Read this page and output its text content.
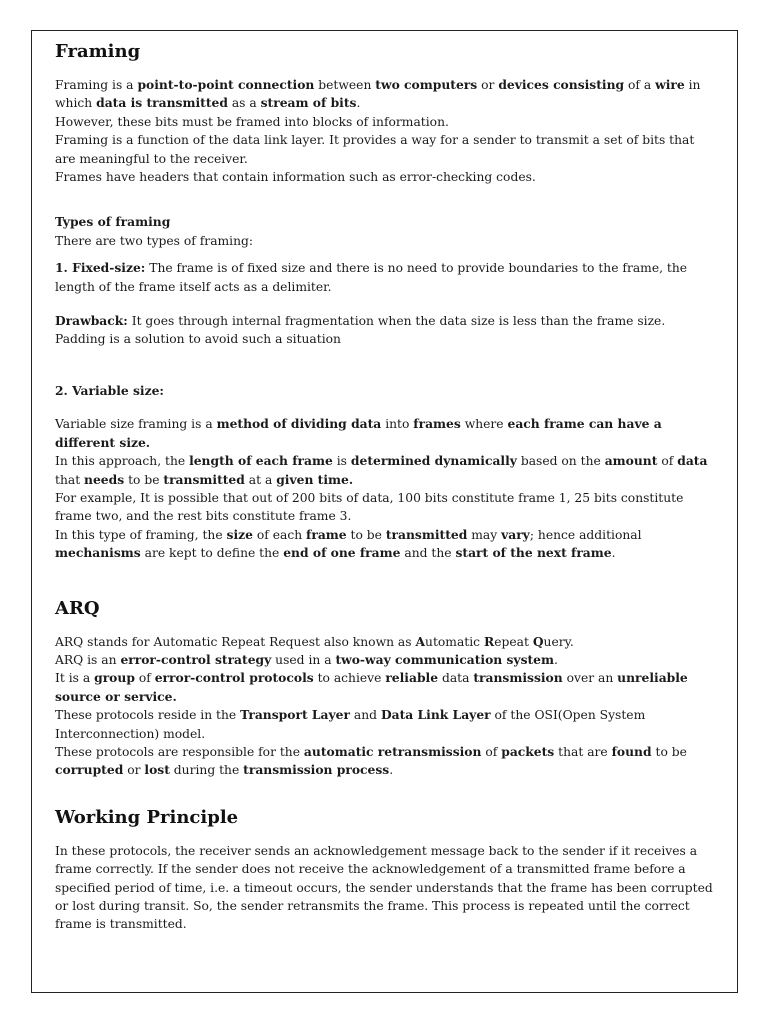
Framing

Framing is a point-to-point connection between two computers or devices consisting of a wire in which data is transmitted as a stream of bits.

However, these bits must be framed into blocks of information.

Framing is a function of the data link layer. It provides a way for a sender to transmit a set of bits that are meaningful to the receiver.

Frames have headers that contain information such as error-checking codes.

Types of framing

There are two types of framing:

1. Fixed-size: The frame is of fixed size and there is no need to provide boundaries to the frame, the length of the frame itself acts as a delimiter.

Drawback: It goes through internal fragmentation when the data size is less than the frame size. Padding is a solution to avoid such a situation

2. Variable size:

Variable size framing is a method of dividing data into frames where each frame can have a different size.

In this approach, the length of each frame is determined dynamically based on the amount of data that needs to be transmitted at a given time.

For example, It is possible that out of 200 bits of data, 100 bits constitute frame 1, 25 bits constitute frame two, and the rest bits constitute frame 3.

In this type of framing, the size of each frame to be transmitted may vary; hence additional mechanisms are kept to define the end of one frame and the start of the next frame.

ARQ

ARQ stands for Automatic Repeat Request also known as Automatic Repeat Query.

ARQ is an error-control strategy used in a two-way communication system.

It is a group of error-control protocols to achieve reliable data transmission over an unreliable source or service.

These protocols reside in the Transport Layer and Data Link Layer of the OSI(Open System Interconnection) model.

These protocols are responsible for the automatic retransmission of packets that are found to be corrupted or lost during the transmission process.

Working Principle

In these protocols, the receiver sends an acknowledgement message back to the sender if it receives a frame correctly. If the sender does not receive the acknowledgement of a transmitted frame before a specified period of time, i.e. a timeout occurs, the sender understands that the frame has been corrupted or lost during transit. So, the sender retransmits the frame. This process is repeated until the correct frame is transmitted.
